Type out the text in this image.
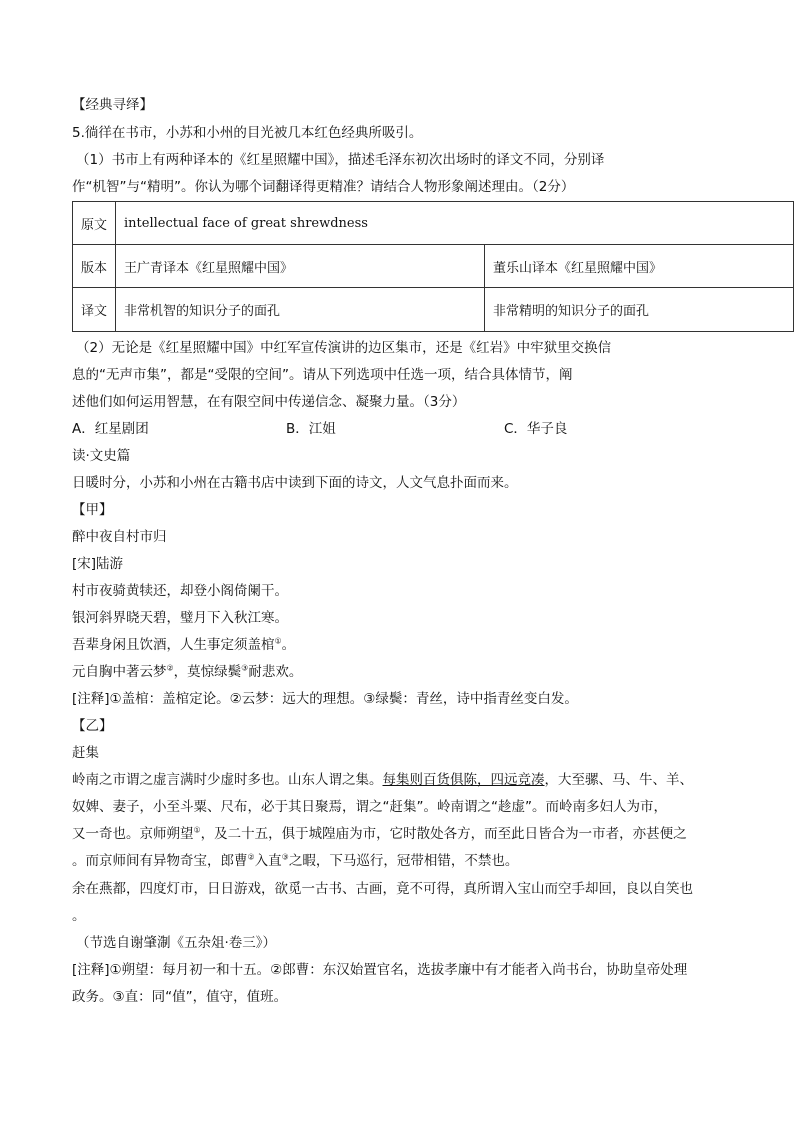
【经典寻绎】
5.徜徉在书市，小苏和小州的目光被几本红色经典所吸引。
（1）书市上有两种译本的《红星照耀中国》，描述毛泽东初次出场时的译文不同，分别译
作“机智”与“精明”。你认为哪个词翻译得更精准？请结合人物形象阐述理由。（2分）
原文	intellectual face of great shrewdness	
版本	王广青译本《红星照耀中国》	董乐山译本《红星照耀中国》
译文	非常机智的知识分子的面孔	非常精明的知识分子的面孔
（2）无论是《红星照耀中国》中红军宣传演讲的边区集市，还是《红岩》中牢狱里交换信
息的“无声市集”，都是“受限的空间”。请从下列选项中任选一项，结合具体情节，阐
述他们如何运用智慧，在有限空间中传递信念、凝聚力量。（3分）
A．红星剧团	B．江姐	C．华子良
读·文史篇
日暖时分，小苏和小州在古籍书店中读到下面的诗文，人文气息扑面而来。
【甲】
醉中夜自村市归
[宋]陆游
村市夜骑黄犊还，却登小阁倚阑干。
银河斜界晓天碧，璧月下入秋江寒。
吾辈身闲且饮酒，人生事定须盖棺①。
元自胸中著云梦②，莫惊绿鬓③耐悲欢。
[注释]①盖棺：盖棺定论。②云梦：远大的理想。③绿鬓：青丝，诗中指青丝变白发。
【乙】
赶集
岭南之市谓之虚言满时少虚时多也。山东人谓之集。每集则百货俱陈，四远竞凑，大至骡、马、牛、羊、
奴婢、妻子，小至斗粟、尺布，必于其日聚焉，谓之“赶集”。岭南谓之“趁虚”。而岭南多妇人为市，
又一奇也。京师朔望①，及二十五，俱于城隍庙为市，它时散处各方，而至此日皆合为一市者，亦甚便之
。而京师间有异物奇宝，郎曹②入直③之暇，下马巡行，冠带相错，不禁也。
余在燕都，四度灯市，日日游戏，欲觅一古书、古画，竟不可得，真所谓入宝山而空手却回，良以自笑也
。
（节选自谢肇淛《五杂俎·卷三》）
[注释]①朔望：每月初一和十五。②郎曹：东汉始置官名，选拔孝廉中有才能者入尚书台，协助皇帝处理
政务。③直：同“值”，值守，值班。
